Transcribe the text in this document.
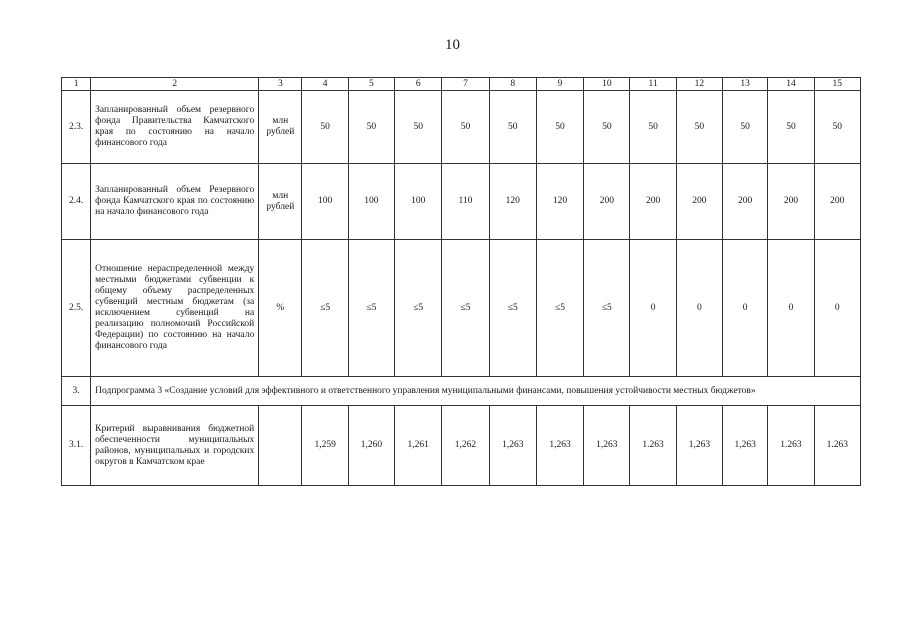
10
1	2	3	4	5	6	7	8	9	10	11	12	13	14	15
2.3.	Запланированный объем резервного фонда Правительства Камчатского края по состоянию на начало финансового года	млн рублей	50	50	50	50	50	50	50	50	50	50	50	50
2.4.	Запланированный объем Резервного фонда Камчатского края по состоянию на начало финансового года	млн рублей	100	100	100	110	120	120	200	200	200	200	200	200
2.5.	Отношение нераспределенной между местными бюджетами субвенции к общему объему распределенных субвенций местным бюджетам (за исключением субвенций на реализацию полномочий Российской Федерации) по состоянию на начало финансового года	%	≤5	≤5	≤5	≤5	≤5	≤5	≤5	0	0	0	0	0
3.	Подпрограмма 3 «Создание условий для эффективного и ответственного управления муниципальными финансами, повышения устойчивости местных бюджетов»													
3.1.	Критерий выравнивания бюджетной обеспеченности муниципальных районов, муниципальных и городских округов в Камчатском крае		1,259	1,260	1,261	1,262	1,263	1,263	1,263	1.263	1,263	1,263	1.263	1.263
